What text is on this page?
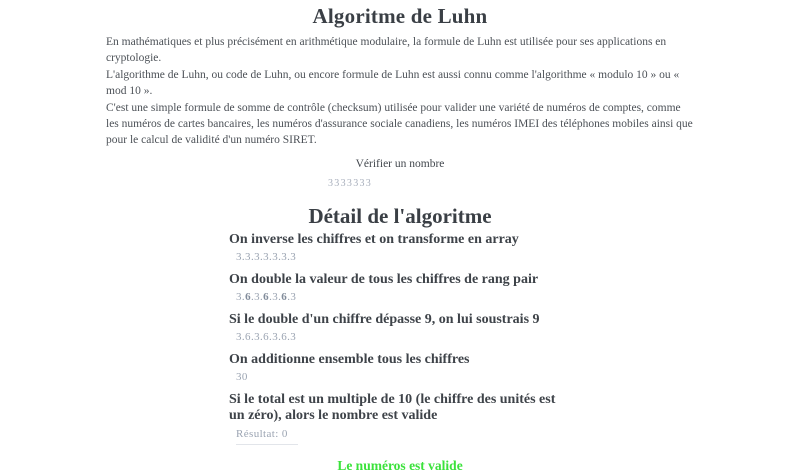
Algoritme de Luhn
En mathématiques et plus précisément en arithmétique modulaire, la formule de Luhn est utilisée pour ses applications en cryptologie.
L'algorithme de Luhn, ou code de Luhn, ou encore formule de Luhn est aussi connu comme l'algorithme « modulo 10 » ou « mod 10 ».
C'est une simple formule de somme de contrôle (checksum) utilisée pour valider une variété de numéros de comptes, comme les numéros de cartes bancaires, les numéros d'assurance sociale canadiens, les numéros IMEI des téléphones mobiles ainsi que pour le calcul de validité d'un numéro SIRET.
Vérifier un nombre
3333333
Détail de l'algoritme
On inverse les chiffres et on transforme en array
3.3.3.3.3.3.3
On double la valeur de tous les chiffres de rang pair
3.6.3.6.3.6.3
Si le double d'un chiffre dépasse 9, on lui soustrais 9
3.6.3.6.3.6.3
On additionne ensemble tous les chiffres
30
Si le total est un multiple de 10 (le chiffre des unités est un zéro), alors le nombre est valide
Résultat: 0
Le numéros est valide
